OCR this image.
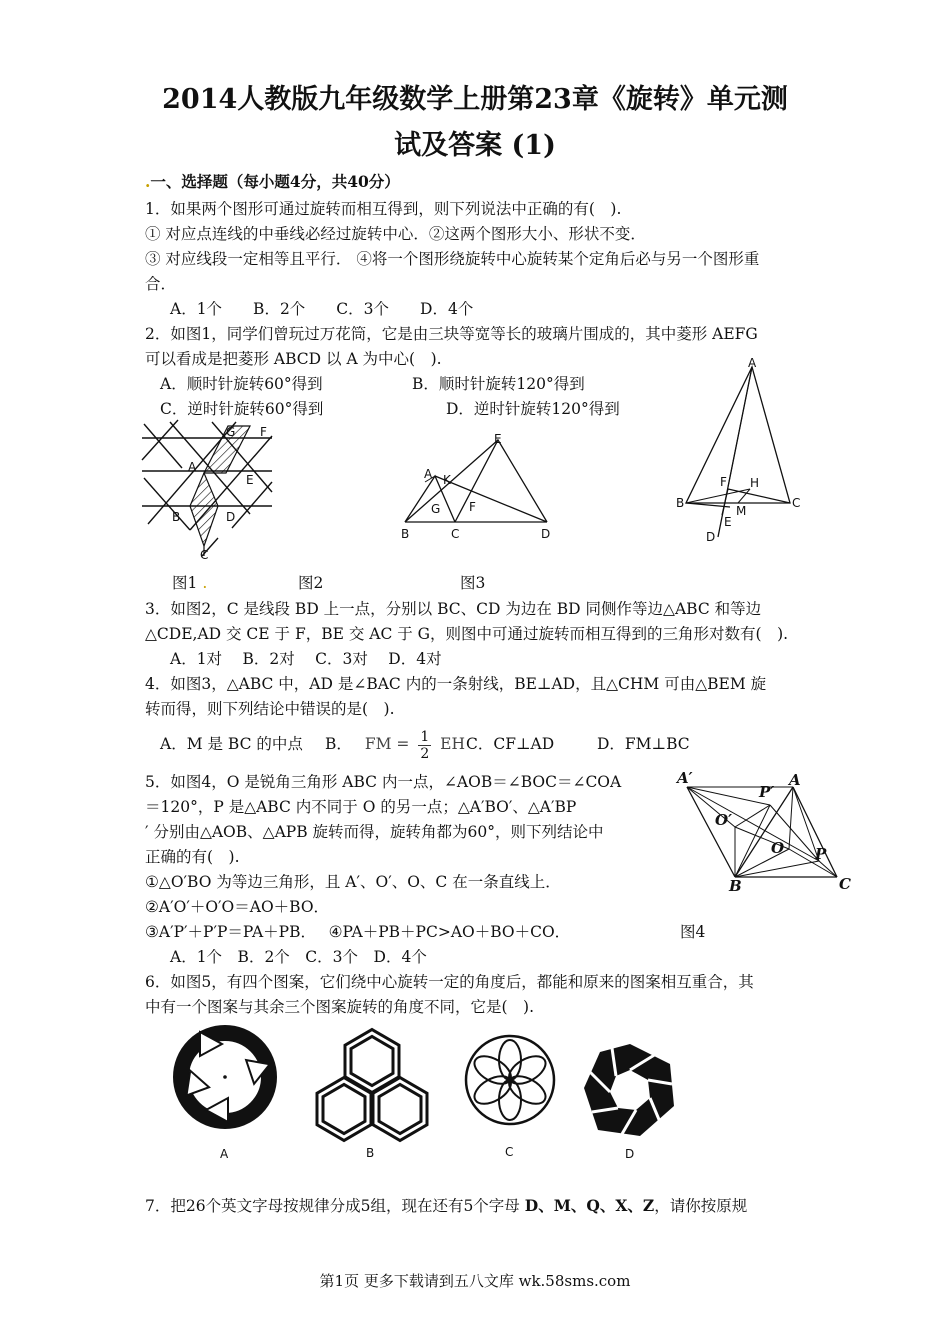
2014人教版九年级数学上册第23章《旋转》单元测
试及答案 (1)
.一、选择题（每小题4分，共40分）
1．如果两个图形可通过旋转而相互得到，则下列说法中正确的有(　).
① 对应点连线的中垂线必经过旋转中心．②这两个图形大小、形状不变．
③ 对应线段一定相等且平行． ④将一个图形绕旋转中心旋转某个定角后必与另一个图形重
合．
A．1个　　B．2个　　C．3个　　D．4个
2．如图1，同学们曾玩过万花筒，它是由三块等宽等长的玻璃片围成的，其中菱形 AEFG
可以看成是把菱形 ABCD 以 A 为中心(　).
A．顺时针旋转60°得到	B．顺时针旋转120°得到
C．逆时针旋转60°得到	D．逆时针旋转120°得到
G F
A
E
B	D
C
E
A K
G F
B	C	D
A
F H
B	C
M
E
D
图1 .	图2	图3
3．如图2，C 是线段 BD 上一点，分别以 BC、CD 为边在 BD 同侧作等边△ABC 和等边
△CDE,AD 交 CE 于 F，BE 交 AC 于 G，则图中可通过旋转而相互得到的三角形对数有(　).
A．1对　 B．2对　 C．3对　 D．4对
4．如图3，△ABC 中，AD 是∠BAC 内的一条射线，BE⊥AD，且△CHM 可由△BEM 旋
转而得，则下列结论中错误的是(　).
A．M 是 BC 的中点 B． FM = $\frac{1}{2}$ EH C．CF⊥AD	D．FM⊥BC
5．如图4，O 是锐角三角形 ABC 内一点，∠AOB＝∠BOC＝∠COA
＝120°，P 是△ABC 内不同于 O 的另一点；△A′BO′、△A′BP
′ 分别由△AOB、△APB 旋转而得，旋转角都为60°，则下列结论中
正确的有(　).
①△O′BO 为等边三角形，且 A′、O′、O、C 在一条直线上．
②A′O′＋O′O＝AO＋BO．
③A′P′＋P′P＝PA＋PB．　 ④PA＋PB＋PC>AO＋BO＋CO．	图4
A．1个　B．2个　C．3个　D．4个
A′	A
P′
O′
O P
B	C
6．如图5，有四个图案，它们绕中心旋转一定的角度后，都能和原来的图案相互重合，其
中有一个图案与其余三个图案旋转的角度不同，它是(　).
A	B	C	D
7．把26个英文字母按规律分成5组，现在还有5个字母 D、M、Q、X、Z，请你按原规
第1页 更多下载请到五八文库 wk.58sms.com
